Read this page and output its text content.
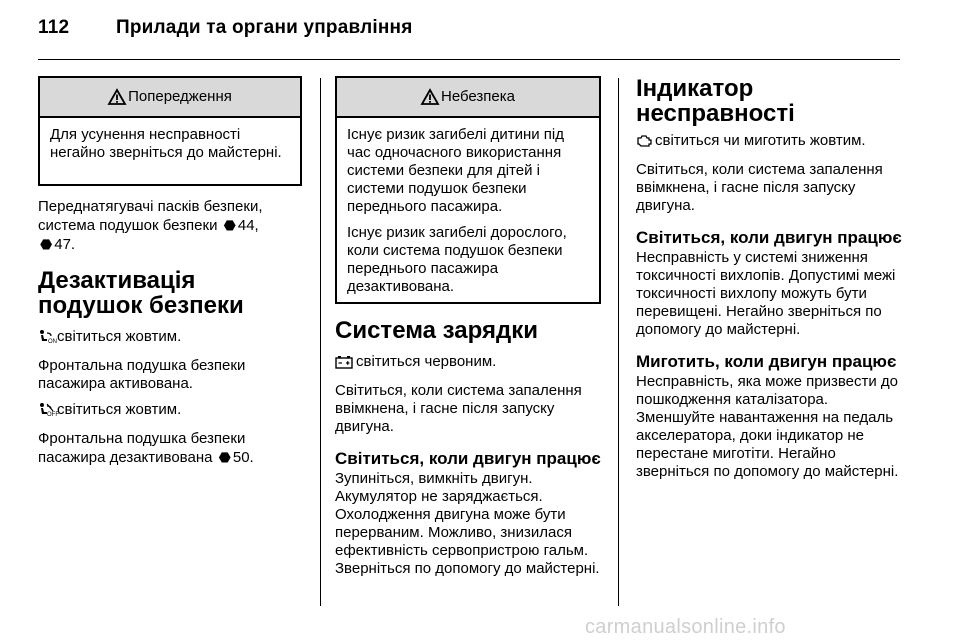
112 Прилади та органи управління
Попередження

Для усунення несправності негайно зверніться до майстерні.

Переднатягувачі пасків безпеки, система подушок безпеки ⬣ 44,
⬣ 47.

Дезактивація подушок безпеки

ON світиться жовтим.

Фронтальна подушка безпеки пасажира активована.

OFF
світиться жовтим.

Фронтальна подушка безпеки пасажира дезактивована ⬣ 50.

Небезпека

Існує ризик загибелі дитини під час одночасного використання системи безпеки для дітей і системи подушок безпеки переднього пасажира.

Існує ризик загибелі дорослого, коли система подушок безпеки переднього пасажира дезактивована.

Система зарядки

світиться червоним.

Світиться, коли система запалення ввімкнена, і гасне після запуску двигуна.

Світиться, коли двигун працює

Зупиніться, вимкніть двигун. Акумулятор не заряджається. Охолодження двигуна може бути перерваним. Можливо, знизилася ефективність сервопристрою гальм. Зверніться по допомогу до майстерні.

Індикатор несправності

світиться чи миготить жовтим.

Світиться, коли система запалення ввімкнена, і гасне після запуску двигуна.

Світиться, коли двигун працює

Несправність у системі зниження токсичності вихлопів. Допустимі межі токсичності вихлопу можуть бути перевищені. Негайно зверніться по допомогу до майстерні.

Миготить, коли двигун працює

Несправність, яка може призвести до пошкодження каталізатора. Зменшуйте навантаження на педаль акселератора, доки індикатор не перестане миготіти. Негайно зверніться по допомогу до майстерні.

carmanualsonline.info
